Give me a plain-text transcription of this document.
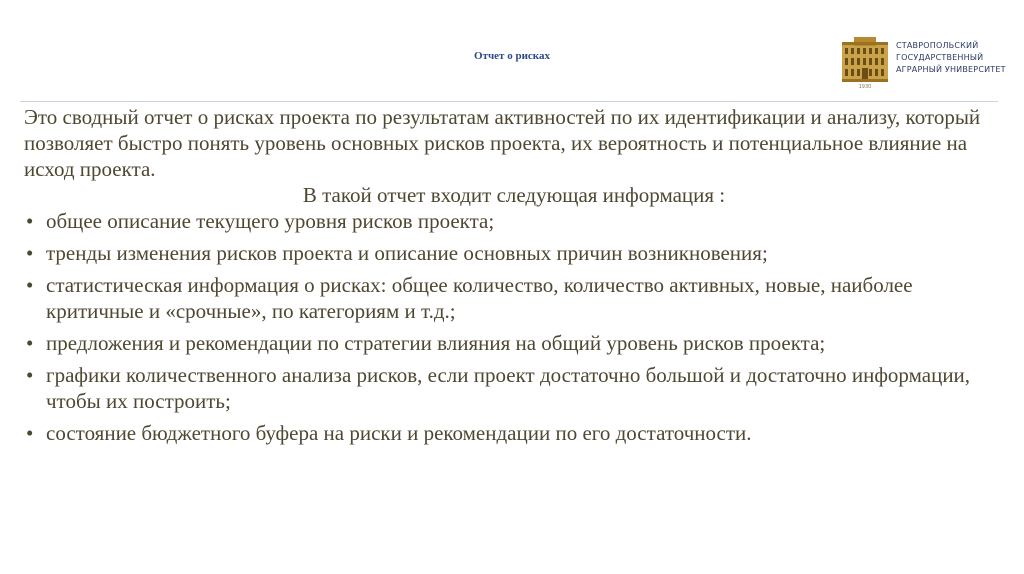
Отчет о рисках
1930
СТАВРОПОЛЬСКИЙ
ГОСУДАРСТВЕННЫЙ
АГРАРНЫЙ УНИВЕРСИТЕТ

Это сводный отчет о рисках проекта по результатам активностей по их идентификации и анализу, который позволяет быстро понять уровень основных рисков проекта, их вероятность и потенциальное влияние на исход проекта.

В такой отчет входит следующая информация :

• общее описание текущего уровня рисков проекта;
• тренды изменения рисков проекта и описание основных причин возникновения;
• статистическая информация о рисках: общее количество, количество активных, новые, наиболее критичные и «срочные», по категориям и т.д.;
• предложения и рекомендации по стратегии влияния на общий уровень рисков проекта;
• графики количественного анализа рисков, если проект достаточно большой и достаточно информации, чтобы их построить;
• состояние бюджетного буфера на риски и рекомендации по его достаточности.
